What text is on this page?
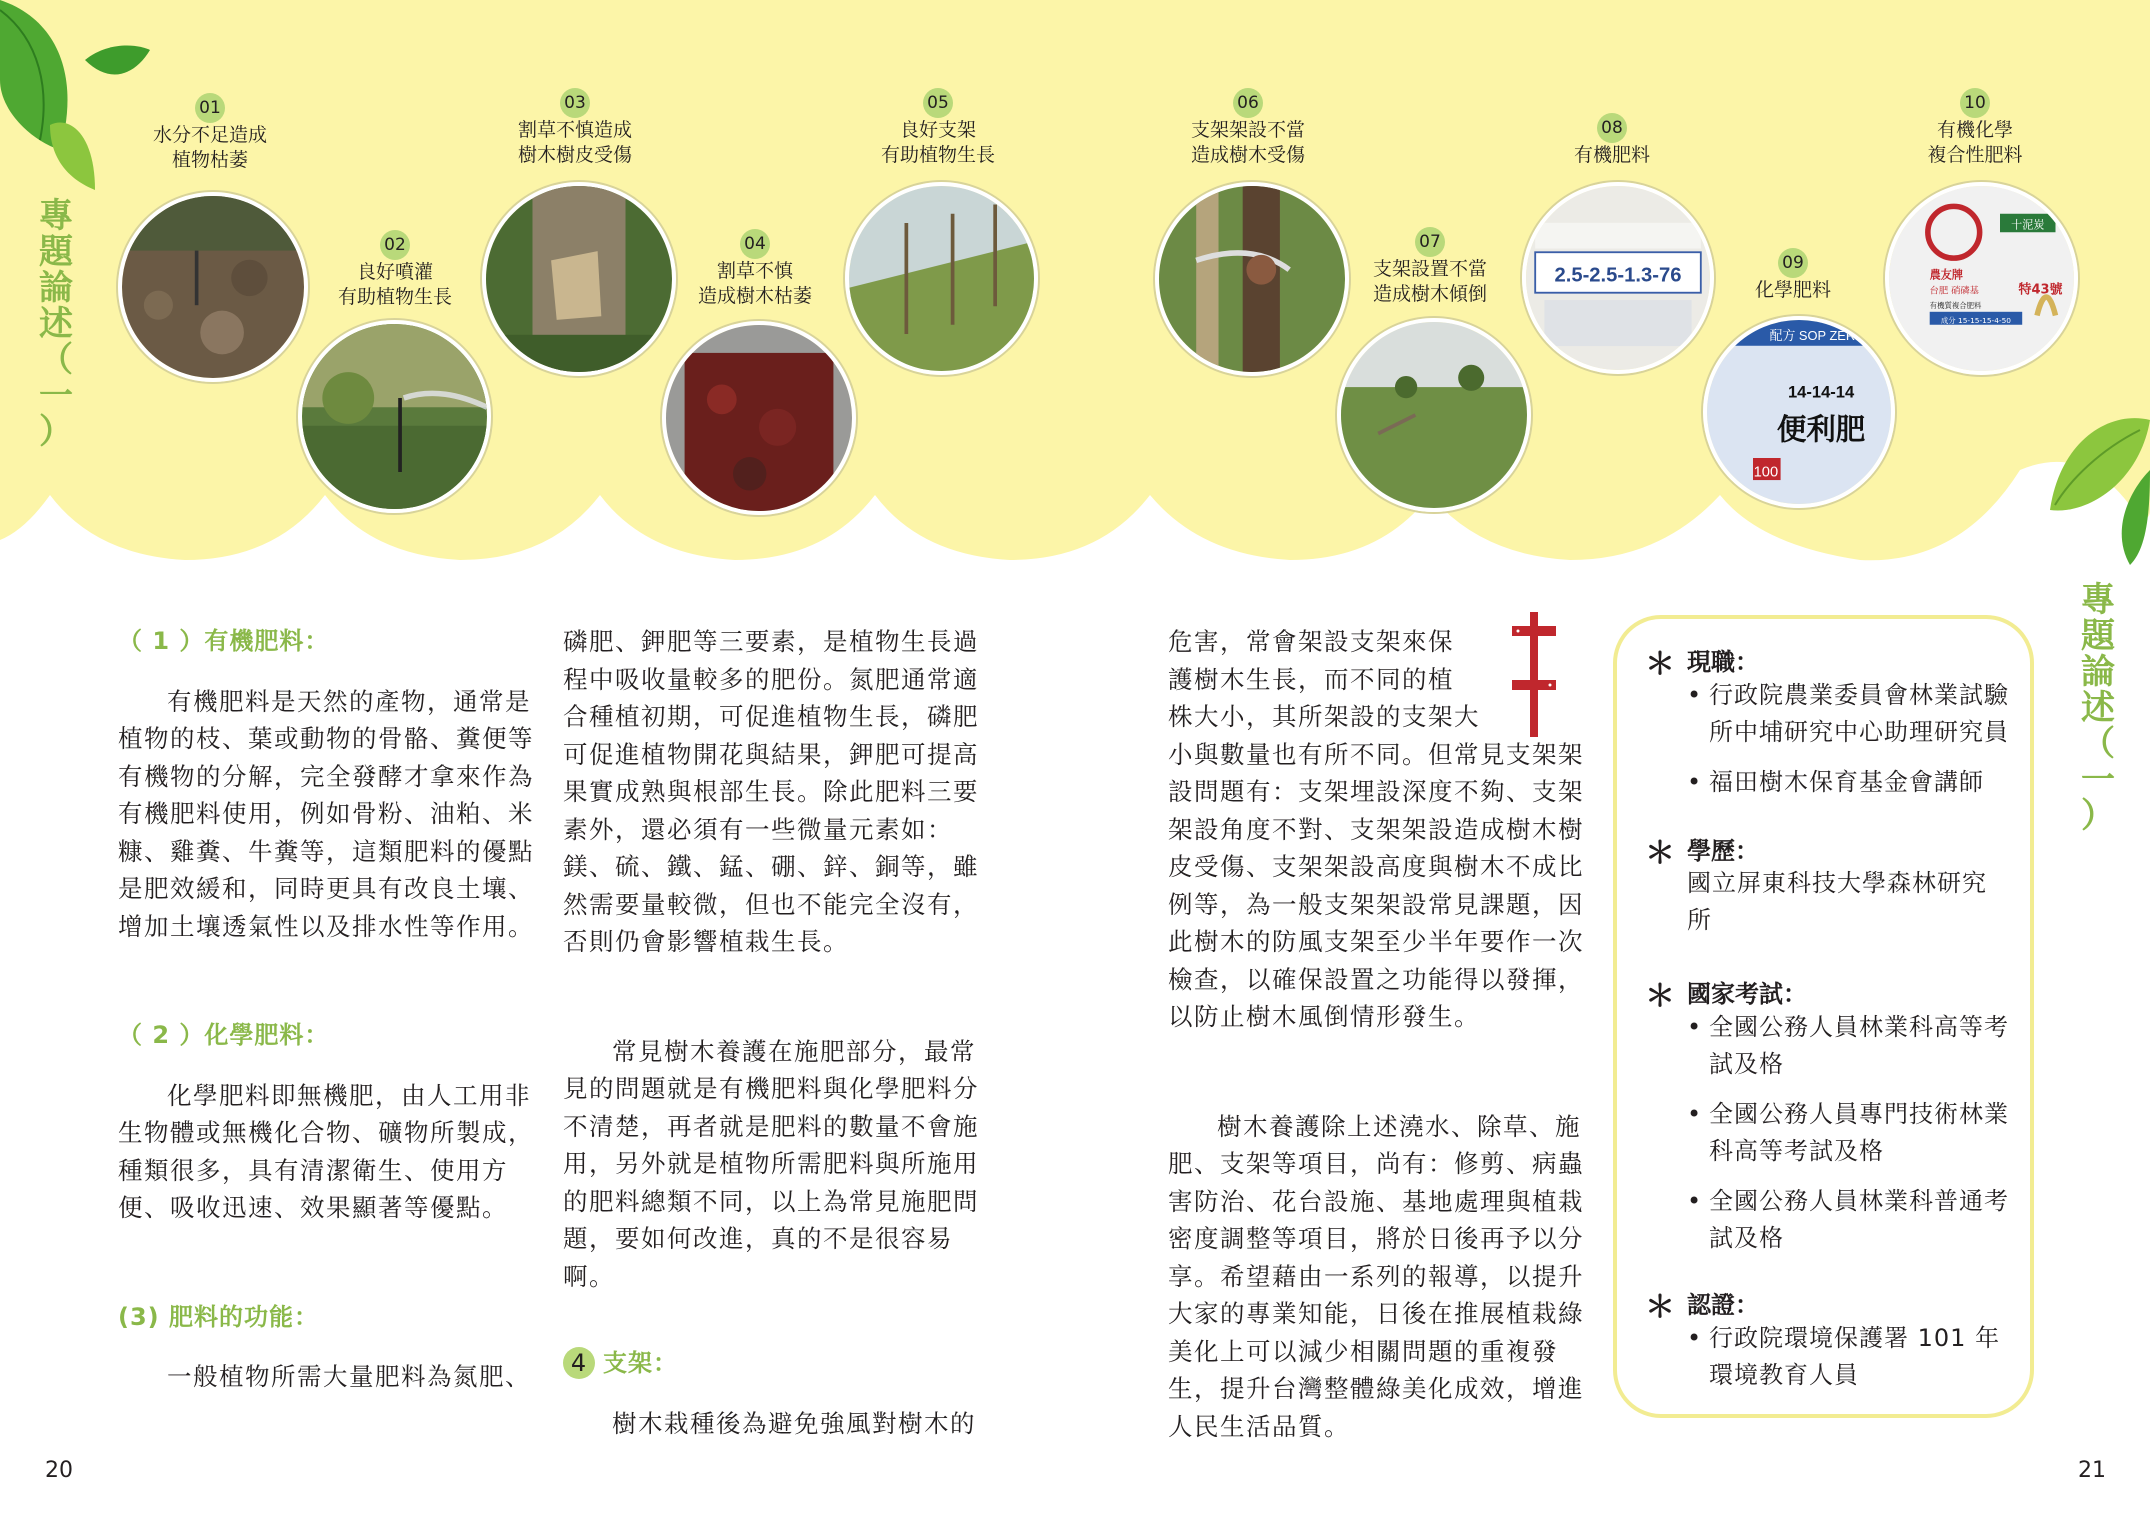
專
題
論
述
（
一
）
專
題
論
述
（
一
）
01
水分不足造成
植物枯萎
02
良好噴灌
有助植物生長
03
割草不慎造成
樹木樹皮受傷
04
割草不慎
造成樹木枯萎
05
良好支架
有助植物生長
06
支架架設不當
造成樹木受傷
07
支架設置不當
造成樹木傾倒
08
有機肥料
09
化學肥料
10
有機化學
複合性肥料
2.5-2.5-1.3-76
配方 SOP ZERO
14-14-14
便利肥
100
十泥炭
農友牌
台肥 硝磷基	特43號
有機質複合肥料
成分 15-15-15-4-50

（ 1 ）有機肥料：

有機肥料是天然的產物，通常是植物的枝、葉或動物的骨骼、糞便等有機物的分解，完全發酵才拿來作為有機肥料使用，例如骨粉、油粕、米糠、雞糞、牛糞等，這類肥料的優點是肥效緩和，同時更具有改良土壤、增加土壤透氣性以及排水性等作用。

（ 2 ）化學肥料：

化學肥料即無機肥，由人工用非生物體或無機化合物、礦物所製成，種類很多，具有清潔衛生、使用方便、吸收迅速、效果顯著等優點。

(3) 肥料的功能：

一般植物所需大量肥料為氮肥、

磷肥、鉀肥等三要素，是植物生長過程中吸收量較多的肥份。氮肥通常適合種植初期，可促進植物生長，磷肥可促進植物開花與結果，鉀肥可提高果實成熟與根部生長。除此肥料三要素外，還必須有一些微量元素如：鎂、硫、鐵、錳、硼、鋅、銅等，雖然需要量較微，但也不能完全沒有，否則仍會影響植栽生長。

常見樹木養護在施肥部分，最常見的問題就是有機肥料與化學肥料分不清楚，再者就是肥料的數量不會施用，另外就是植物所需肥料與所施用的肥料總類不同，以上為常見施肥問題，要如何改進，真的不是很容易啊。

4 支架：

樹木栽種後為避免強風對樹木的

危害，常會架設支架來保

護樹木生長，而不同的植

株大小，其所架設的支架大

小與數量也有所不同。但常見支架架設問題有：支架埋設深度不夠、支架架設角度不對、支架架設造成樹木樹皮受傷、支架架設高度與樹木不成比例等，為一般支架架設常見課題，因此樹木的防風支架至少半年要作一次檢查，以確保設置之功能得以發揮，以防止樹木風倒情形發生。

樹木養護除上述澆水、除草、施肥、支架等項目，尚有：修剪、病蟲害防治、花台設施、基地處理與植栽密度調整等項目，將於日後再予以分享。希望藉由一系列的報導，以提升大家的專業知能，日後在推展植栽綠美化上可以減少相關問題的重複發生，提升台灣整體綠美化成效，增進人民生活品質。

＊ 現職：
• 行政院農業委員會林業試驗所中埔研究中心助理研究員
• 福田樹木保育基金會講師
＊ 學歷：
國立屏東科技大學森林研究所
＊ 國家考試：
• 全國公務人員林業科高等考試及格
• 全國公務人員專門技術林業科高等考試及格
• 全國公務人員林業科普通考試及格
＊ 認證：
• 行政院環境保護署 101 年環境教育人員
20	21
